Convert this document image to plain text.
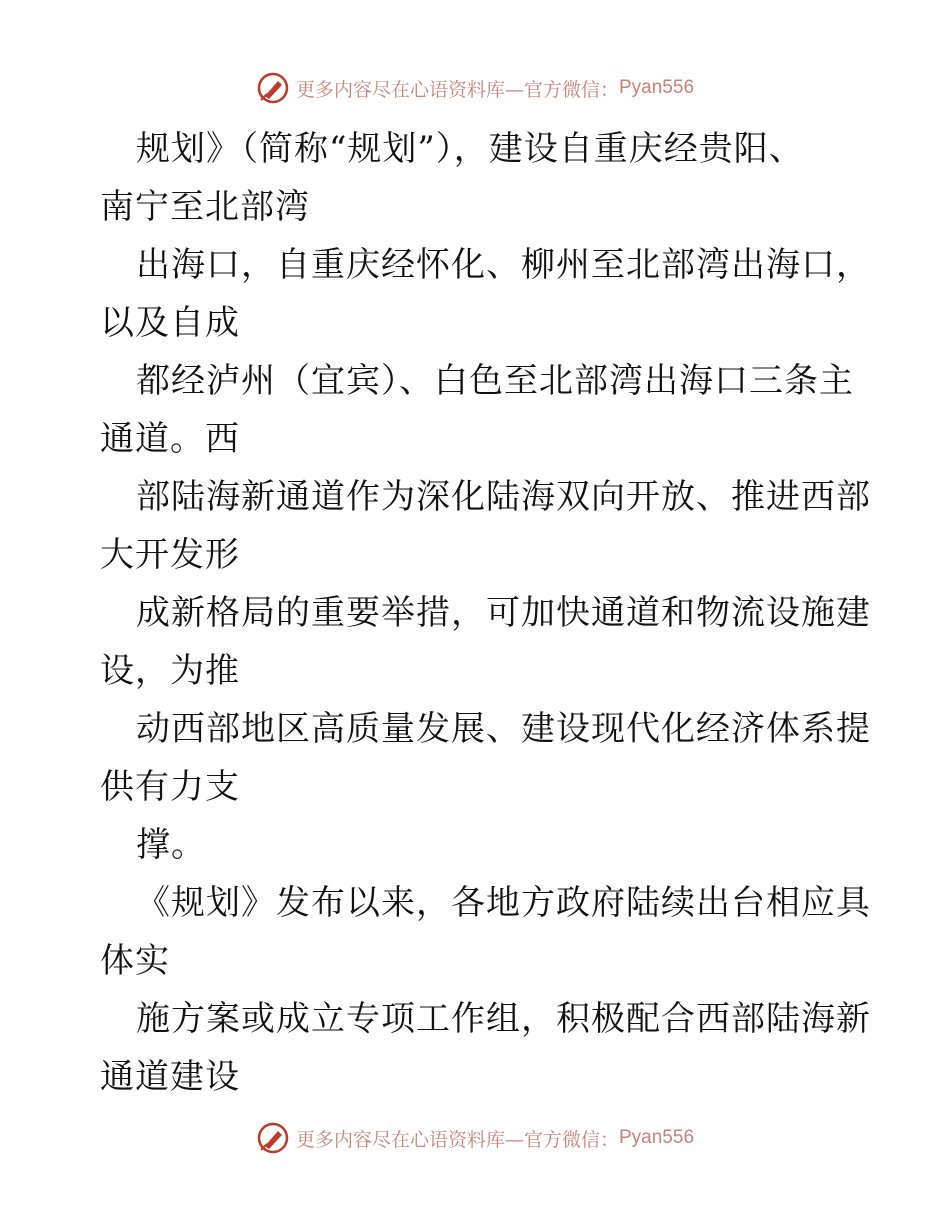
更多内容尽在心语资料库—官方微信： Pyan556
规划》（简称“规划”），建设自重庆经贵阳、
南宁至北部湾
出海口，自重庆经怀化、柳州至北部湾出海口，
以及自成
都经泸州（宜宾）、白色至北部湾出海口三条主
通道。西
部陆海新通道作为深化陆海双向开放、推进西部
大开发形
成新格局的重要举措，可加快通道和物流设施建
设，为推
动西部地区高质量发展、建设现代化经济体系提
供有力支
撑。
《规划》发布以来，各地方政府陆续出台相应具
体实
施方案或成立专项工作组，积极配合西部陆海新
通道建设
更多内容尽在心语资料库—官方微信： Pyan556
